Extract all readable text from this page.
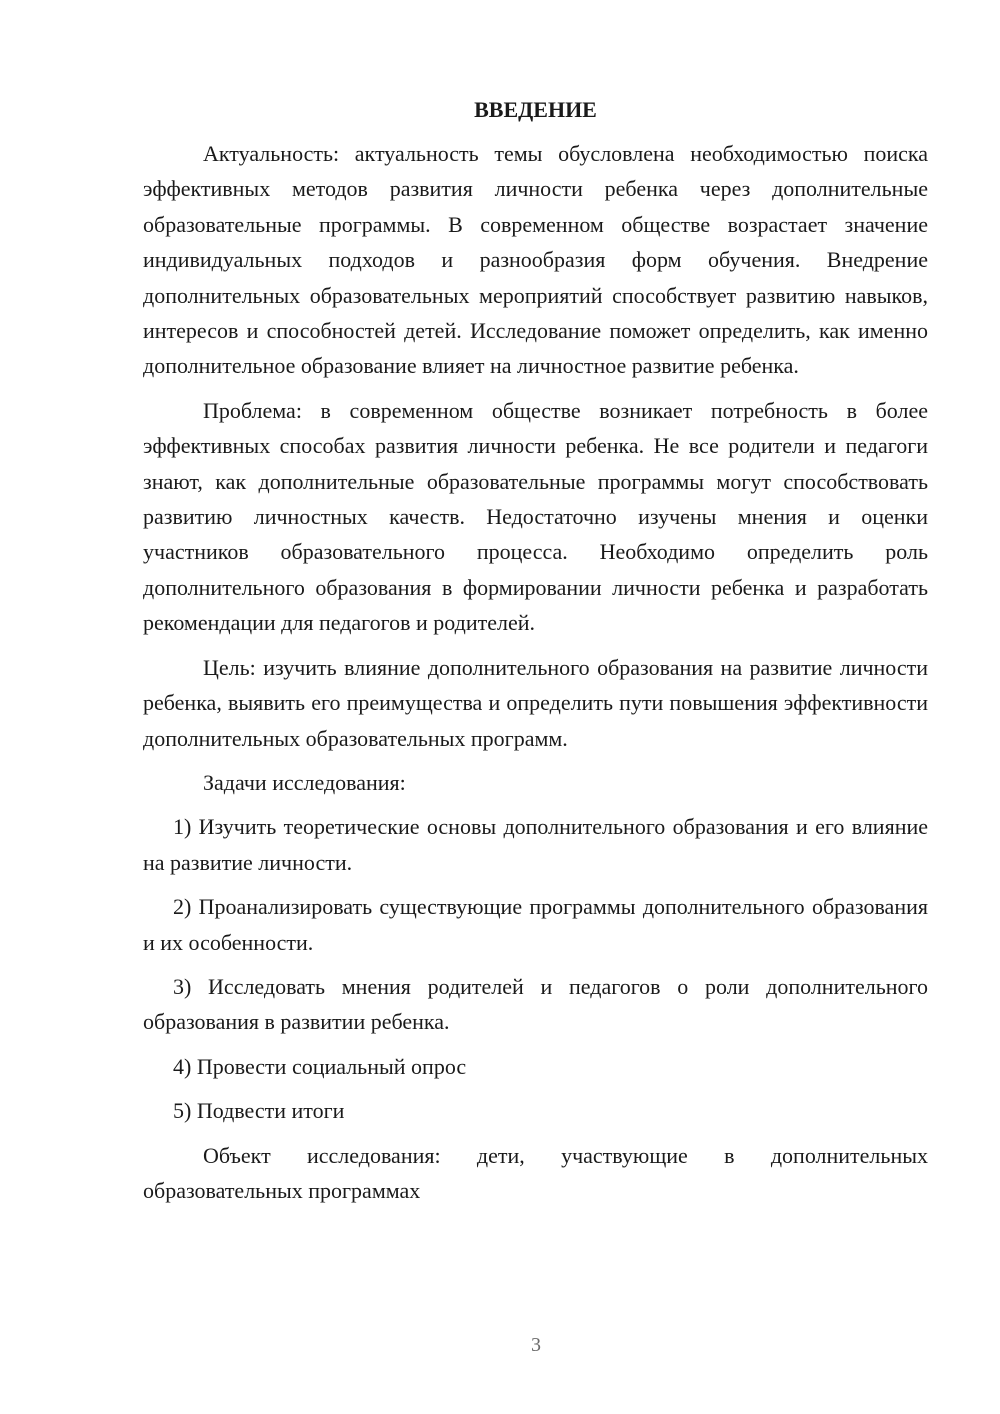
ВВЕДЕНИЕ

Актуальность: актуальность темы обусловлена необходимостью поиска эффективных методов развития личности ребенка через дополнительные образовательные программы. В современном обществе возрастает значение индивидуальных подходов и разнообразия форм обучения. Внедрение дополнительных образовательных мероприятий способствует развитию навыков, интересов и способностей детей. Исследование поможет определить, как именно дополнительное образование влияет на личностное развитие ребенка.

Проблема: в современном обществе возникает потребность в более эффективных способах развития личности ребенка. Не все родители и педагоги знают, как дополнительные образовательные программы могут способствовать развитию личностных качеств. Недостаточно изучены мнения и оценки участников образовательного процесса. Необходимо определить роль дополнительного образования в формировании личности ребенка и разработать рекомендации для педагогов и родителей.

Цель: изучить влияние дополнительного образования на развитие личности ребенка, выявить его преимущества и определить пути повышения эффективности дополнительных образовательных программ.

Задачи исследования:

1) Изучить теоретические основы дополнительного образования и его влияние на развитие личности.

2) Проанализировать существующие программы дополнительного образования и их особенности.

3) Исследовать мнения родителей и педагогов о роли дополнительного образования в развитии ребенка.

4) Провести социальный опрос

5) Подвести итоги

Объект исследования: дети, участвующие в дополнительных образовательных программах

3
